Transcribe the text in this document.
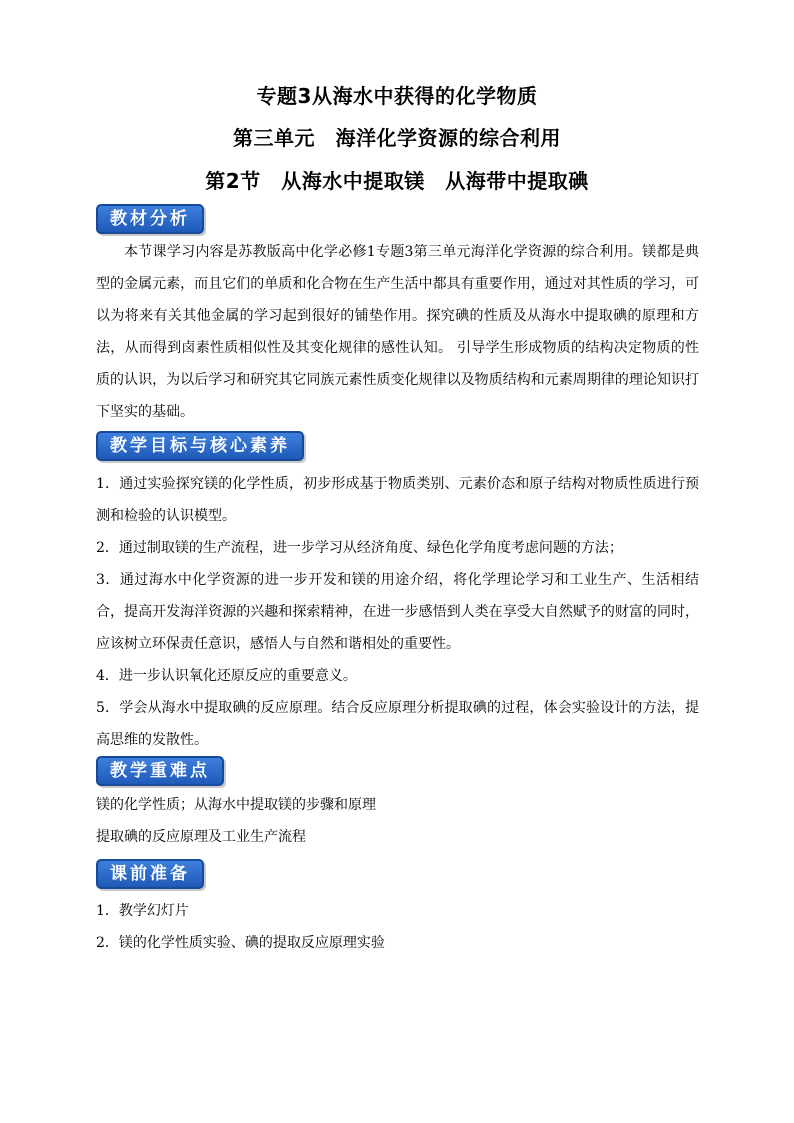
专题3从海水中获得的化学物质
第三单元　海洋化学资源的综合利用
第2节　从海水中提取镁　从海带中提取碘
教材分析

本节课学习内容是苏教版高中化学必修1专题3第三单元海洋化学资源的综合利用。镁都是典型的金属元素，而且它们的单质和化合物在生产生活中都具有重要作用，通过对其性质的学习，可以为将来有关其他金属的学习起到很好的铺垫作用。探究碘的性质及从海水中提取碘的原理和方法，从而得到卤素性质相似性及其变化规律的感性认知。 引导学生形成物质的结构决定物质的性质的认识，为以后学习和研究其它同族元素性质变化规律以及物质结构和元素周期律的理论知识打下坚实的基础。

教学目标与核心素养

1．通过实验探究镁的化学性质，初步形成基于物质类别、元素价态和原子结构对物质性质进行预测和检验的认识模型。

2．通过制取镁的生产流程，进一步学习从经济角度、绿色化学角度考虑问题的方法；

3．通过海水中化学资源的进一步开发和镁的用途介绍，将化学理论学习和工业生产、生活相结合，提高开发海洋资源的兴趣和探索精神，在进一步感悟到人类在享受大自然赋予的财富的同时，应该树立环保责任意识，感悟人与自然和谐相处的重要性。

4．进一步认识氧化还原反应的重要意义。

5．学会从海水中提取碘的反应原理。结合反应原理分析提取碘的过程，体会实验设计的方法，提高思维的发散性。

教学重难点

镁的化学性质；从海水中提取镁的步骤和原理

提取碘的反应原理及工业生产流程

课前准备

1．教学幻灯片

2．镁的化学性质实验、碘的提取反应原理实验
